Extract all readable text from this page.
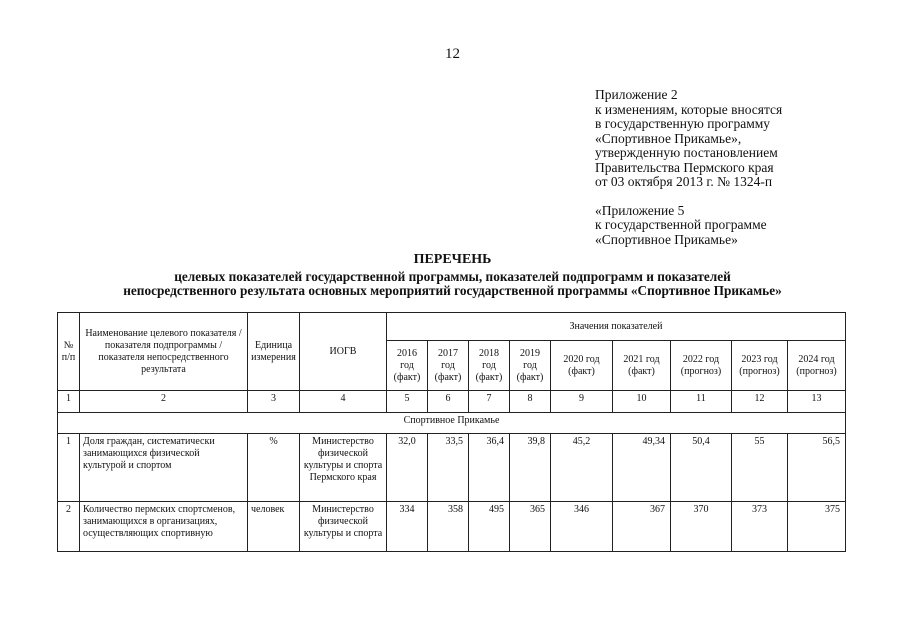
12
Приложение 2
к изменениям, которые вносятся
в государственную программу
«Спортивное Прикамье»,
утвержденную постановлением
Правительства Пермского края
от 03 октября 2013 г. № 1324-п
«Приложение 5
к государственной программе
«Спортивное Прикамье»
ПЕРЕЧЕНЬ
целевых показателей государственной программы, показателей подпрограмм и показателей
непосредственного результата основных мероприятий государственной программы «Спортивное Прикамье»
№ п/п	Наименование целевого показателя / показателя подпрограммы / показателя непосредственного результата	Единица измерения	ИОГВ	Значения показателей								
				2016 год (факт)	2017 год (факт)	2018 год (факт)	2019 год (факт)	2020 год (факт)	2021 год (факт)	2022 год (прогноз)	2023 год (прогноз)	2024 год (прогноз)
1	2	3	4	5	6	7	8	9	10	11	12	13
Спортивное Прикамье												
1	Доля граждан, систематически занимающихся физической культурой и спортом	%	Министерство физической культуры и спорта Пермского края	32,0	33,5	36,4	39,8	45,2	49,34	50,4	55	56,5
2	Количество пермских спортсменов, занимающихся в организациях, осуществляющих спортивную	человек	Министерство физической культуры и спорта	334	358	495	365	346	367	370	373	375
